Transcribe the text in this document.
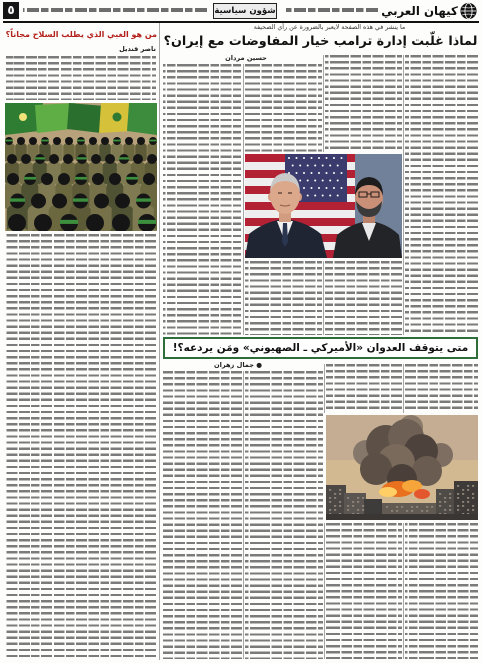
٥	شؤون سياسية	كيهان العربي
من هو الغبي الذي يطلب السلاح مجاناً؟
ناصر قنديل
ما ينشر في هذه الصفحة لايعبر بالضرورة عن رأي الصحيفة
لماذا غلّبت إدارة ترامب خيار المفاوضات مع إيران؟
حسين مردان
متى يتوقف العدوان «الأميركي ـ الصهيوني» ومَن يردعه؟!
● جمال زهران
